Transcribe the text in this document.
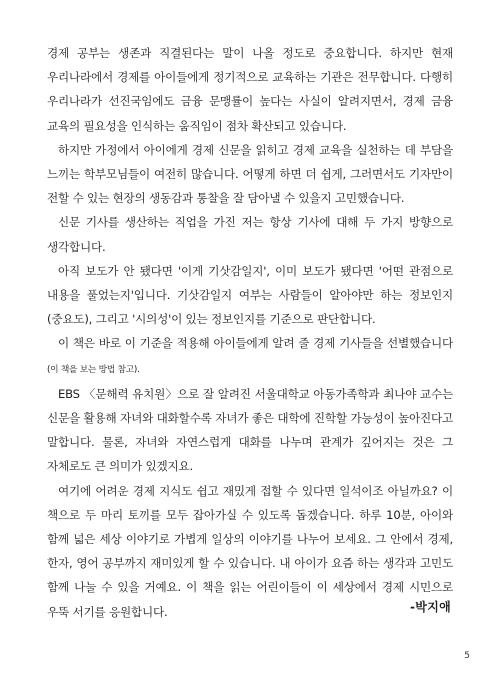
경제 공부는 생존과 직결된다는 말이 나올 정도로 중요합니다. 하지만 현재 우리나라에서 경제를 아이들에게 정기적으로 교육하는 기관은 전무합니다. 다행히 우리나라가 선진국임에도 금융 문맹률이 높다는 사실이 알려지면서, 경제 금융 교육의 필요성을 인식하는 움직임이 점차 확산되고 있습니다.

하지만 가정에서 아이에게 경제 신문을 읽히고 경제 교육을 실천하는 데 부담을 느끼는 학부모님들이 여전히 많습니다. 어떻게 하면 더 쉽게, 그러면서도 기자만이 전할 수 있는 현장의 생동감과 통찰을 잘 담아낼 수 있을지 고민했습니다.

신문 기사를 생산하는 직업을 가진 저는 항상 기사에 대해 두 가지 방향으로 생각합니다.

아직 보도가 안 됐다면 '이게 기삿감일지', 이미 보도가 됐다면 '어떤 관점으로 내용을 풀었는지'입니다. 기삿감일지 여부는 사람들이 알아야만 하는 정보인지(중요도), 그리고 '시의성'이 있는 정보인지를 기준으로 판단합니다.

이 책은 바로 이 기준을 적용해 아이들에게 알려 줄 경제 기사들을 선별했습니다(이 책을 보는 방법 참고).

EBS 〈문해력 유치원〉으로 잘 알려진 서울대학교 아동가족학과 최나야 교수는 신문을 활용해 자녀와 대화할수록 자녀가 좋은 대학에 진학할 가능성이 높아진다고 말합니다. 물론, 자녀와 자연스럽게 대화를 나누며 관계가 깊어지는 것은 그 자체로도 큰 의미가 있겠지요.

여기에 어려운 경제 지식도 쉽고 재밌게 접할 수 있다면 일석이조 아닐까요? 이 책으로 두 마리 토끼를 모두 잡아가실 수 있도록 돕겠습니다. 하루 10분, 아이와 함께 넓은 세상 이야기로 가볍게 일상의 이야기를 나누어 보세요. 그 안에서 경제, 한자, 영어 공부까지 재미있게 할 수 있습니다. 내 아이가 요즘 하는 생각과 고민도 함께 나눌 수 있을 거예요. 이 책을 읽는 어린이들이 이 세상에서 경제 시민으로 우뚝 서기를 응원합니다.	-박지애
5
